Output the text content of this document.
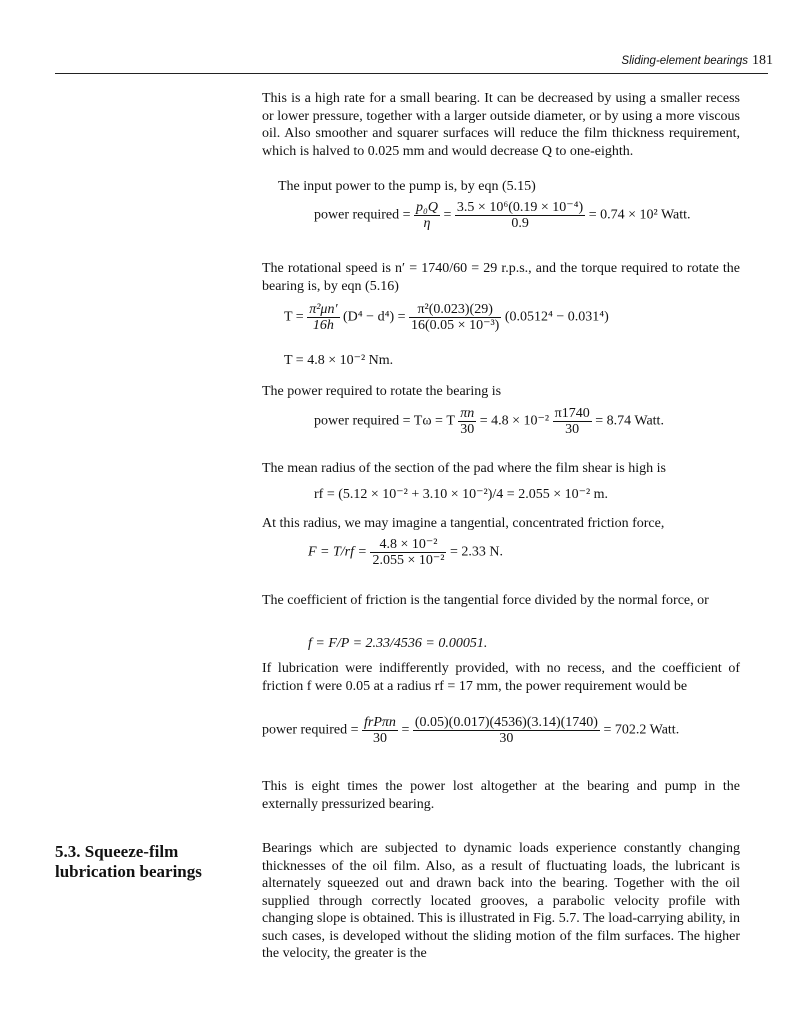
Sliding-element bearings 181

This is a high rate for a small bearing. It can be decreased by using a smaller recess or lower pressure, together with a larger outside diameter, or by using a more viscous oil. Also smoother and squarer surfaces will reduce the film thickness requirement, which is halved to 0.025 mm and would decrease Q to one-eighth.

The input power to the pump is, by eqn (5.15)

power required = $\frac{\text{p₀Q}}{\eta} = \frac{\text{3.5 × 10⁶(0.19 × 10⁻⁴)}}{0.9} = 0.74 \times 10^2$ Watt.

The rotational speed is n′ = 1740/60 = 29 r.p.s., and the torque required to rotate the bearing is, by eqn (5.16)

$T = \frac{\text{π²μn′}}{16h} (D^4 - d^4) = \frac{\text{π²(0.023)(29)}}{\text{16(0.05 × 10⁻³)}} (0.0512^4 - 0.031^4)$
T = 4.8 × 10⁻² Nm.

The power required to rotate the bearing is

power required = Tω = T $\frac{\pi n}{30} = 4.8 \times 10^{-2} \frac{\pi 1740}{30} = 8.74$ Watt.

The mean radius of the section of the pad where the film shear is high is

rf = (5.12 × 10⁻² + 3.10 × 10⁻²)/4 = 2.055 × 10⁻² m.

At this radius, we may imagine a tangential, concentrated friction force,

$F = T/rf = \frac{\text{4.8 × 10⁻²}}{\text{2.055 × 10⁻²}} = 2.33$ N.

The coefficient of friction is the tangential force divided by the normal force, or

f = F/P = 2.33/4536 = 0.00051.

If lubrication were indifferently provided, with no recess, and the coefficient of friction f were 0.05 at a radius rf = 17 mm, the power requirement would be

power required = $\frac{\text{frPπn}}{30} = \frac{(0.05)(0.017)(4536)(3.14)(1740)}{30} = 702.2$ Watt.

This is eight times the power lost altogether at the bearing and pump in the externally pressurized bearing.

5.3. Squeeze-film
lubrication bearings

Bearings which are subjected to dynamic loads experience constantly changing thicknesses of the oil film. Also, as a result of fluctuating loads, the lubricant is alternately squeezed out and drawn back into the bearing. Together with the oil supplied through correctly located grooves, a parabolic velocity profile with changing slope is obtained. This is illustrated in Fig. 5.7. The load-carrying ability, in such cases, is developed without the sliding motion of the film surfaces. The higher the velocity, the greater is the
